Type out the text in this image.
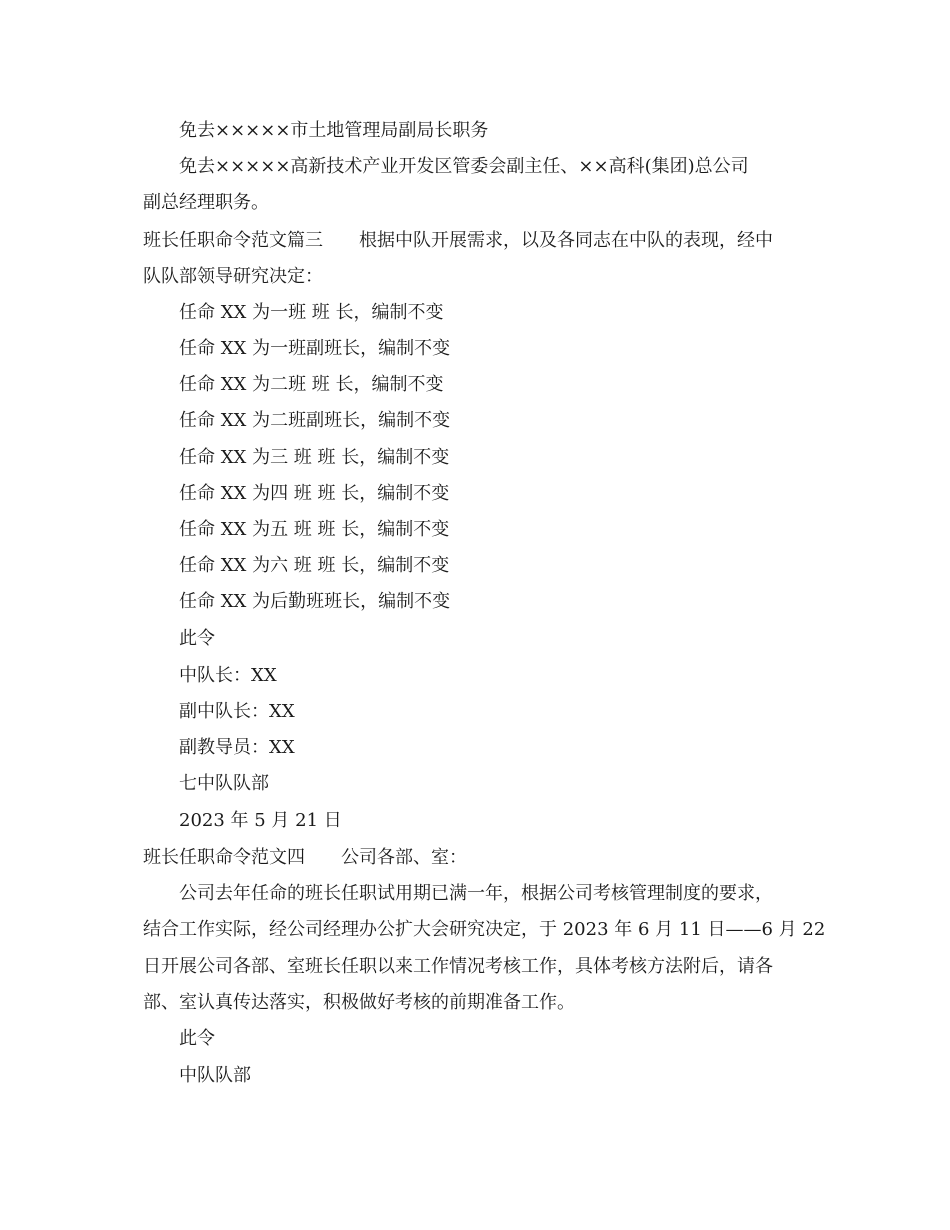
免去×××××市土地管理局副局长职务
免去×××××高新技术产业开发区管委会副主任、××高科(集团)总公司
副总经理职务。
班长任职命令范文篇三 根据中队开展需求，以及各同志在中队的表现，经中
队队部领导研究决定：
任命 XX 为一班 班 长，编制不变
任命 XX 为一班副班长，编制不变
任命 XX 为二班 班 长，编制不变
任命 XX 为二班副班长，编制不变
任命 XX 为三 班 班 长，编制不变
任命 XX 为四 班 班 长，编制不变
任命 XX 为五 班 班 长，编制不变
任命 XX 为六 班 班 长，编制不变
任命 XX 为后勤班班长，编制不变
此令
中队长：XX
副中队长：XX
副教导员：XX
七中队队部
2023 年 5 月 21 日
班长任职命令范文四 公司各部、室：
公司去年任命的班长任职试用期已满一年，根据公司考核管理制度的要求，
结合工作实际，经公司经理办公扩大会研究决定，于 2023 年 6 月 11 日——6 月 22
日开展公司各部、室班长任职以来工作情况考核工作，具体考核方法附后，请各
部、室认真传达落实，积极做好考核的前期准备工作。
此令
中队队部
